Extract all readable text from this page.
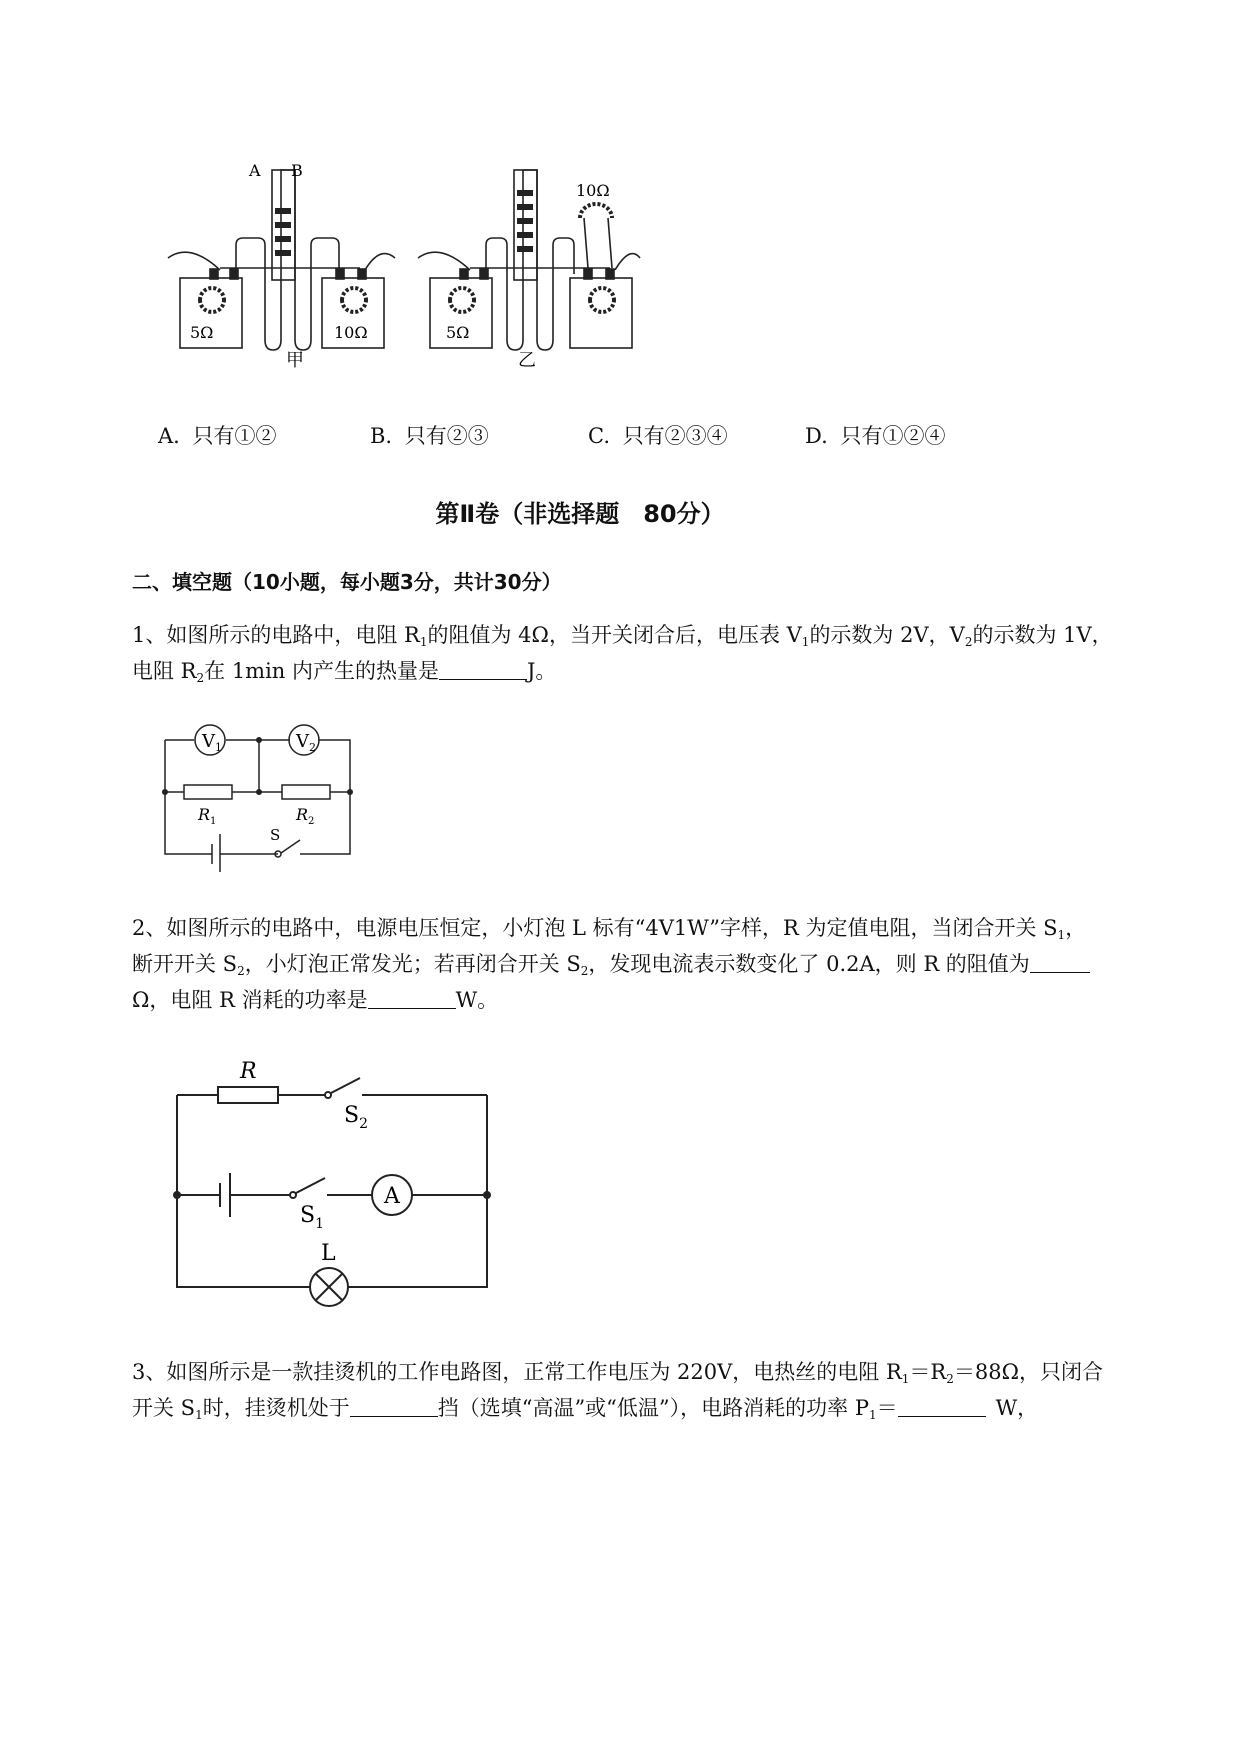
A B
5Ω	10Ω
甲
5Ω
10Ω
乙
A. 只有①②	B. 只有②③	C. 只有②③④	D. 只有①②④
第Ⅱ卷（非选择题　80分）
二、填空题（10小题，每小题3分，共计30分）
1、如图所示的电路中，电阻 $R_1$的阻值为 4Ω，当开关闭合后，电压表 $V_1$的示数为 2V，$V_2$的示数为 1V，
电阻 $R_2$在 1min 内产生的热量是	J。
$V_1$	$V_2$
$R_1$	$R_2$
S
2、如图所示的电路中，电源电压恒定，小灯泡 L 标有“4V1W”字样，R 为定值电阻，当闭合开关 $S_1$，
断开开关 $S_2$，小灯泡正常发光；若再闭合开关 $S_2$，发现电流表示数变化了 0.2A，则 R 的阻值为
Ω，电阻 R 消耗的功率是	W。
R
$S_2$
$S_1$
A
L
3、如图所示是一款挂烫机的工作电路图，正常工作电压为 220V，电热丝的电阻 $R_1=R_2=88\Omega$，只闭合
开关 $S_1$时，挂烫机处于	挡（选填“高温”或“低温”），电路消耗的功率 $P_1=$	W，
